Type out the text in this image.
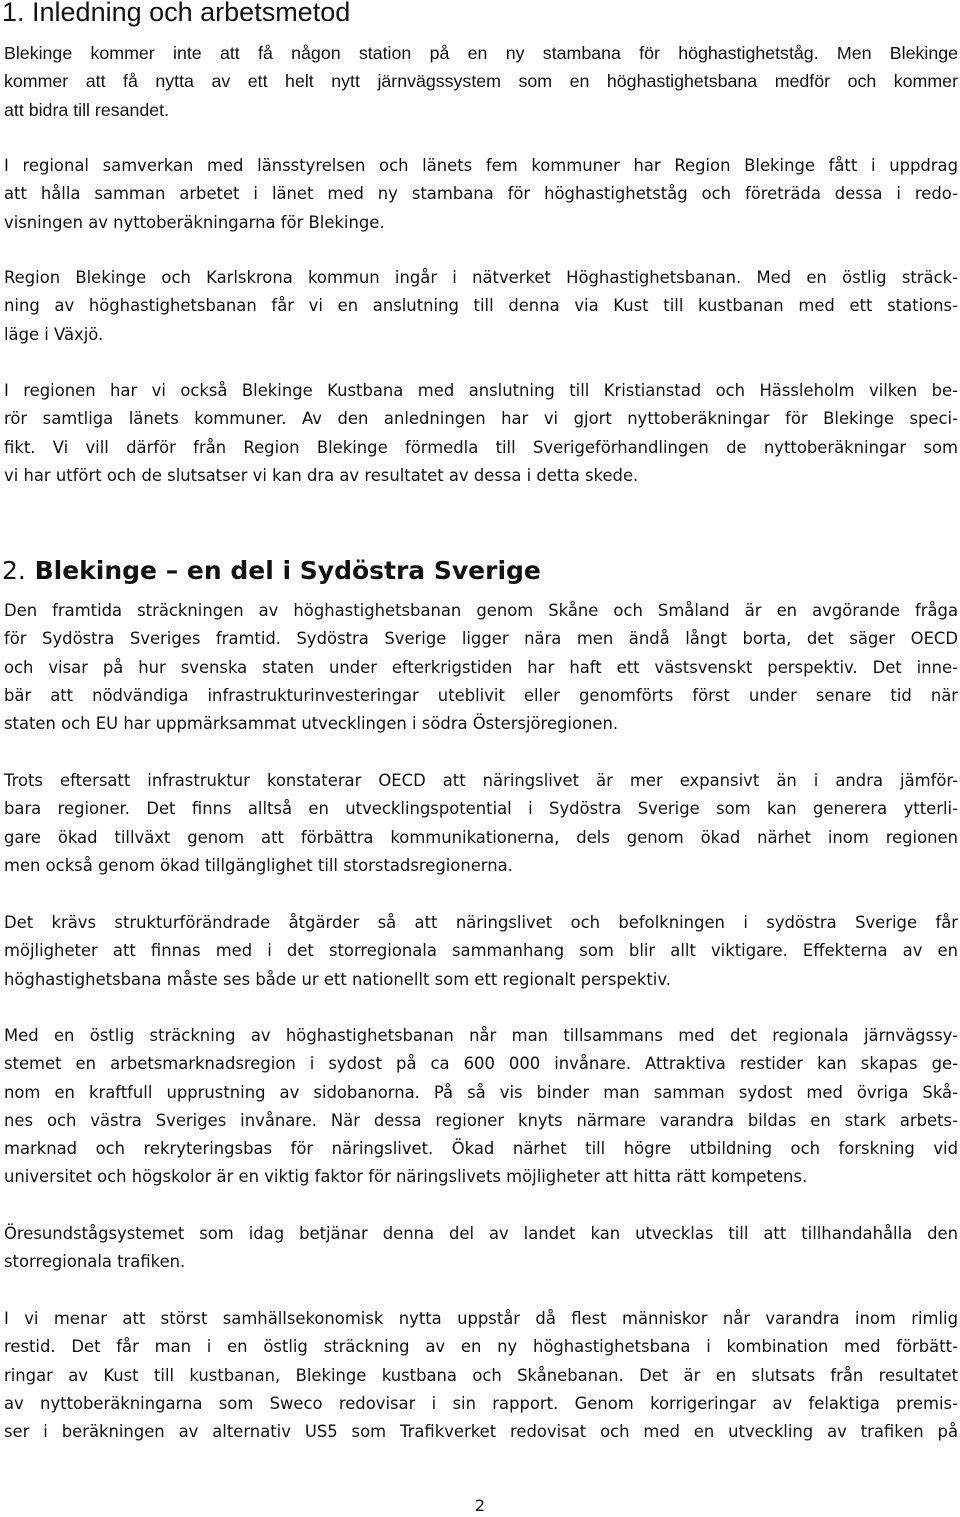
1. Inledning och arbetsmetod
Blekinge kommer inte att få någon station på en ny stambana för höghastighetståg. Men Blekinge
kommer att få nytta av ett helt nytt järnvägssystem som en höghastighetsbana medför och kommer
att bidra till resandet.
I regional samverkan med länsstyrelsen och länets fem kommuner har Region Blekinge fått i uppdrag
att hålla samman arbetet i länet med ny stambana för höghastighetståg och företräda dessa i redo-
visningen av nyttoberäkningarna för Blekinge.
Region Blekinge och Karlskrona kommun ingår i nätverket Höghastighetsbanan. Med en östlig sträck-
ning av höghastighetsbanan får vi en anslutning till denna via Kust till kustbanan med ett stations-
läge i Växjö.
I regionen har vi också Blekinge Kustbana med anslutning till Kristianstad och Hässleholm vilken be-
rör samtliga länets kommuner. Av den anledningen har vi gjort nyttoberäkningar för Blekinge speci-
fikt. Vi vill därför från Region Blekinge förmedla till Sverigeförhandlingen de nyttoberäkningar som
vi har utfört och de slutsatser vi kan dra av resultatet av dessa i detta skede.
2. Blekinge – en del i Sydöstra Sverige
Den framtida sträckningen av höghastighetsbanan genom Skåne och Småland är en avgörande fråga
för Sydöstra Sveriges framtid. Sydöstra Sverige ligger nära men ändå långt borta, det säger OECD
och visar på hur svenska staten under efterkrigstiden har haft ett västsvenskt perspektiv. Det inne-
bär att nödvändiga infrastrukturinvesteringar uteblivit eller genomförts först under senare tid när
staten och EU har uppmärksammat utvecklingen i södra Östersjöregionen.
Trots eftersatt infrastruktur konstaterar OECD att näringslivet är mer expansivt än i andra jämför-
bara regioner. Det finns alltså en utvecklingspotential i Sydöstra Sverige som kan generera ytterli-
gare ökad tillväxt genom att förbättra kommunikationerna, dels genom ökad närhet inom regionen
men också genom ökad tillgänglighet till storstadsregionerna.
Det krävs strukturförändrade åtgärder så att näringslivet och befolkningen i sydöstra Sverige får
möjligheter att finnas med i det storregionala sammanhang som blir allt viktigare. Effekterna av en
höghastighetsbana måste ses både ur ett nationellt som ett regionalt perspektiv.
Med en östlig sträckning av höghastighetsbanan når man tillsammans med det regionala järnvägssy-
stemet en arbetsmarknadsregion i sydost på ca 600 000 invånare. Attraktiva restider kan skapas ge-
nom en kraftfull upprustning av sidobanorna. På så vis binder man samman sydost med övriga Skå-
nes och västra Sveriges invånare. När dessa regioner knyts närmare varandra bildas en stark arbets-
marknad och rekryteringsbas för näringslivet. Ökad närhet till högre utbildning och forskning vid
universitet och högskolor är en viktig faktor för näringslivets möjligheter att hitta rätt kompetens.
Öresundstågsystemet som idag betjänar denna del av landet kan utvecklas till att tillhandahålla den
storregionala trafiken.
I vi menar att störst samhällsekonomisk nytta uppstår då flest människor når varandra inom rimlig
restid. Det får man i en östlig sträckning av en ny höghastighetsbana i kombination med förbätt-
ringar av Kust till kustbanan, Blekinge kustbana och Skånebanan. Det är en slutsats från resultatet
av nyttoberäkningarna som Sweco redovisar i sin rapport. Genom korrigeringar av felaktiga premis-
ser i beräkningen av alternativ US5 som Trafikverket redovisat och med en utveckling av trafiken på
2
